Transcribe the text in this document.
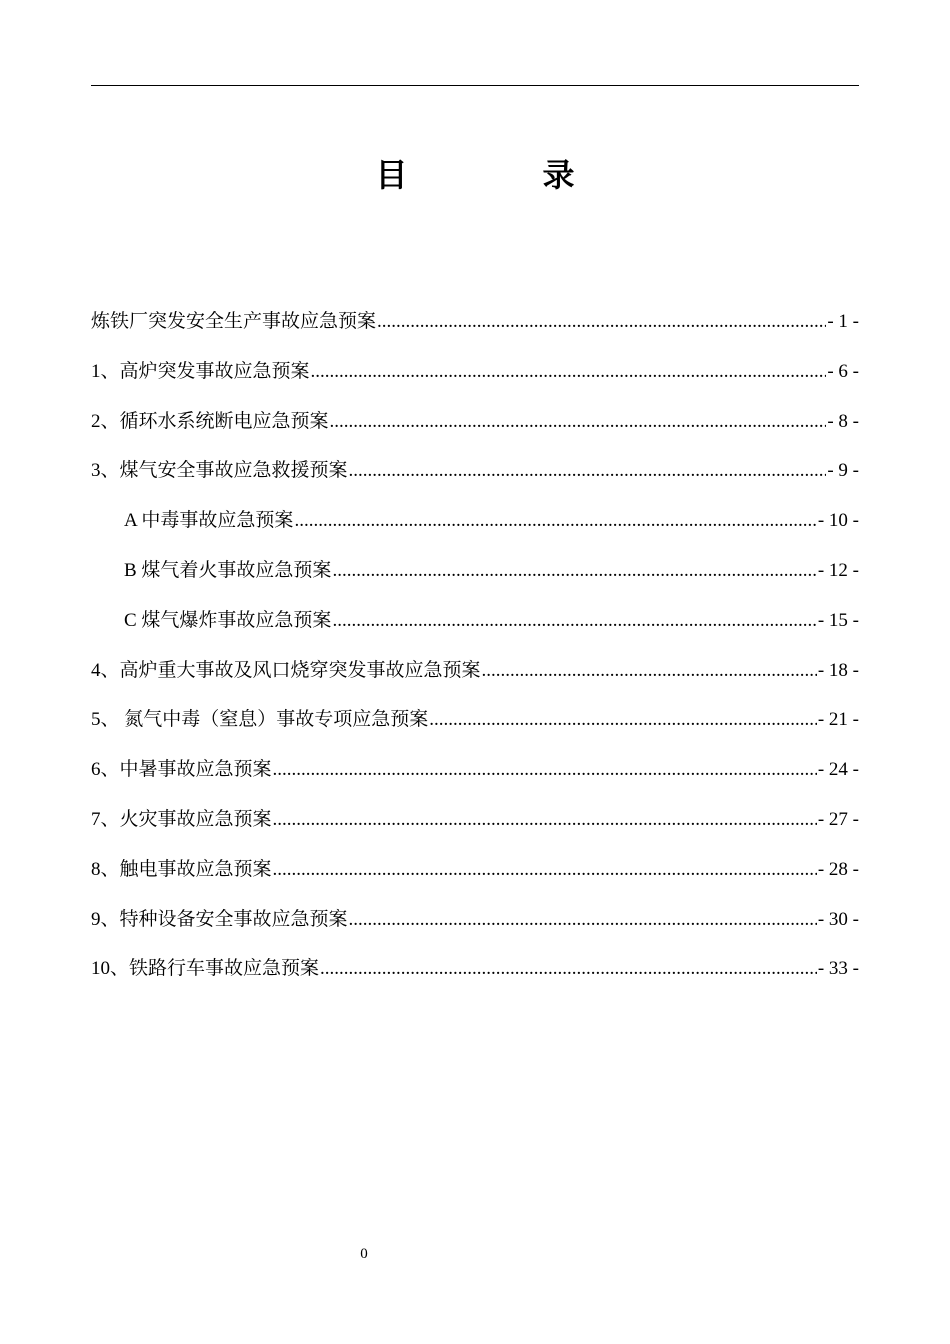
目	录
炼铁厂突发安全生产事故应急预案 .....	- 1 -
1、高炉突发事故应急预案 .....	- 6 -
2、循环水系统断电应急预案 .....	- 8 -
3、煤气安全事故应急救援预案 .....	- 9 -
A 中毒事故应急预案 .....	- 10 -
B 煤气着火事故应急预案 .....	- 12 -
C 煤气爆炸事故应急预案 .....	- 15 -
4、高炉重大事故及风口烧穿突发事故应急预案 .....	- 18 -
5、 氮气中毒（窒息）事故专项应急预案 .....	- 21 -
6、中暑事故应急预案 .....	- 24 -
7、火灾事故应急预案 .....	- 27 -
8、触电事故应急预案 .....	- 28 -
9、特种设备安全事故应急预案 .....	- 30 -
10、铁路行车事故应急预案 .....	- 33 -
0
